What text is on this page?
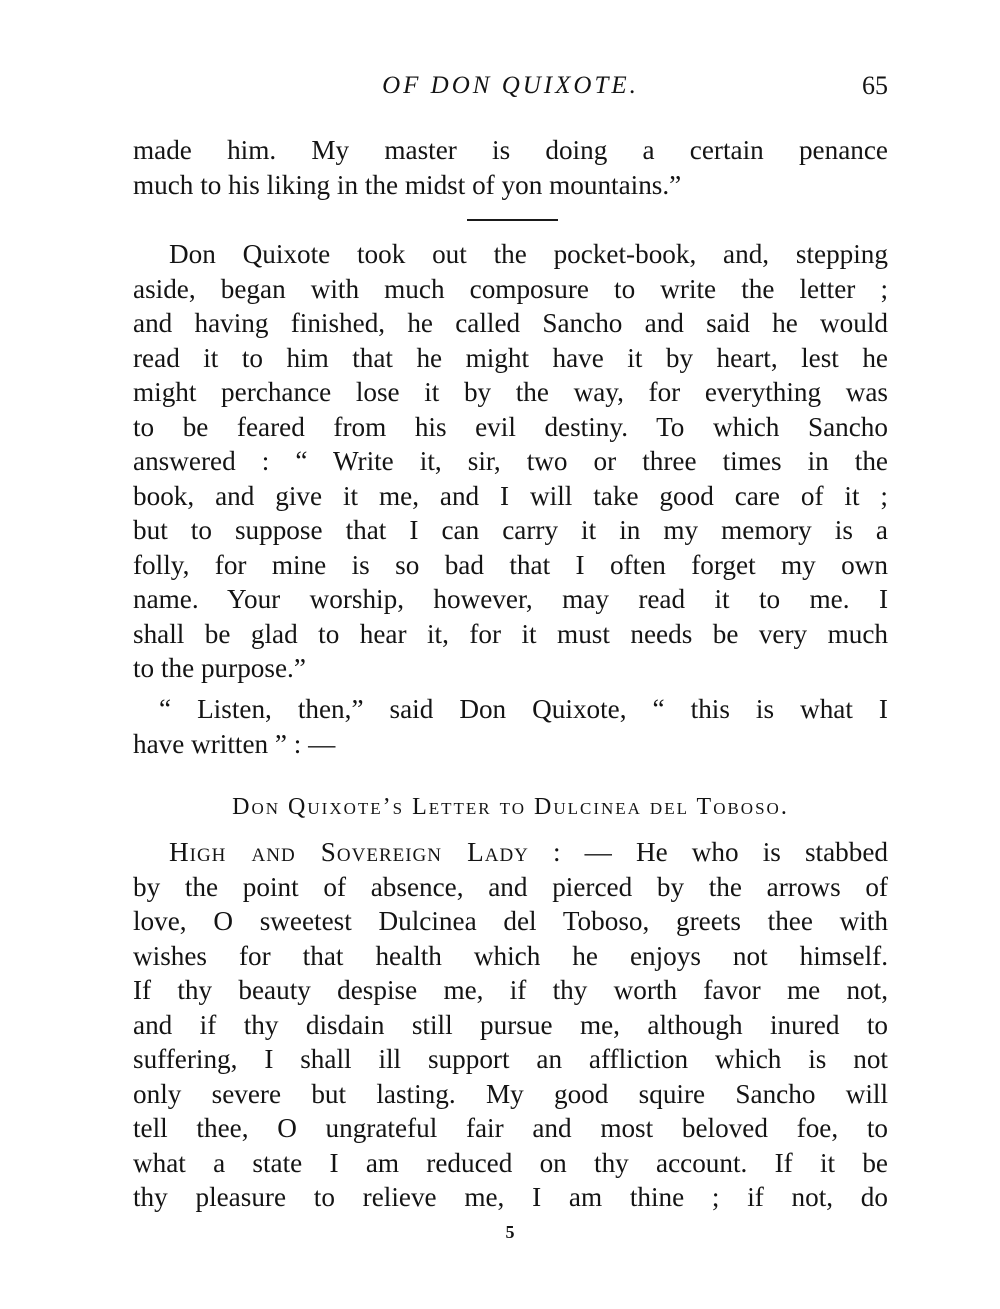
OF DON QUIXOTE.	65
made him. My master is doing a certain penance
much to his liking in the midst of yon mountains.”
Don Quixote took out the pocket-book, and, stepping
aside, began with much composure to write the letter ;
and having finished, he called Sancho and said he would
read it to him that he might have it by heart, lest he
might perchance lose it by the way, for everything was
to be feared from his evil destiny. To which Sancho
answered : “ Write it, sir, two or three times in the
book, and give it me, and I will take good care of it ;
but to suppose that I can carry it in my memory is a
folly, for mine is so bad that I often forget my own
name. Your worship, however, may read it to me. I
shall be glad to hear it, for it must needs be very much
to the purpose.”
“ Listen, then,” said Don Quixote, “ this is what I
have written ” : —
Don Quixote’s Letter to Dulcinea del Toboso.
High and Sovereign Lady : — He who is stabbed
by the point of absence, and pierced by the arrows of
love, O sweetest Dulcinea del Toboso, greets thee with
wishes for that health which he enjoys not himself.
If thy beauty despise me, if thy worth favor me not,
and if thy disdain still pursue me, although inured to
suffering, I shall ill support an affliction which is not
only severe but lasting. My good squire Sancho will
tell thee, O ungrateful fair and most beloved foe, to
what a state I am reduced on thy account. If it be
thy pleasure to relieve me, I am thine ; if not, do
5
